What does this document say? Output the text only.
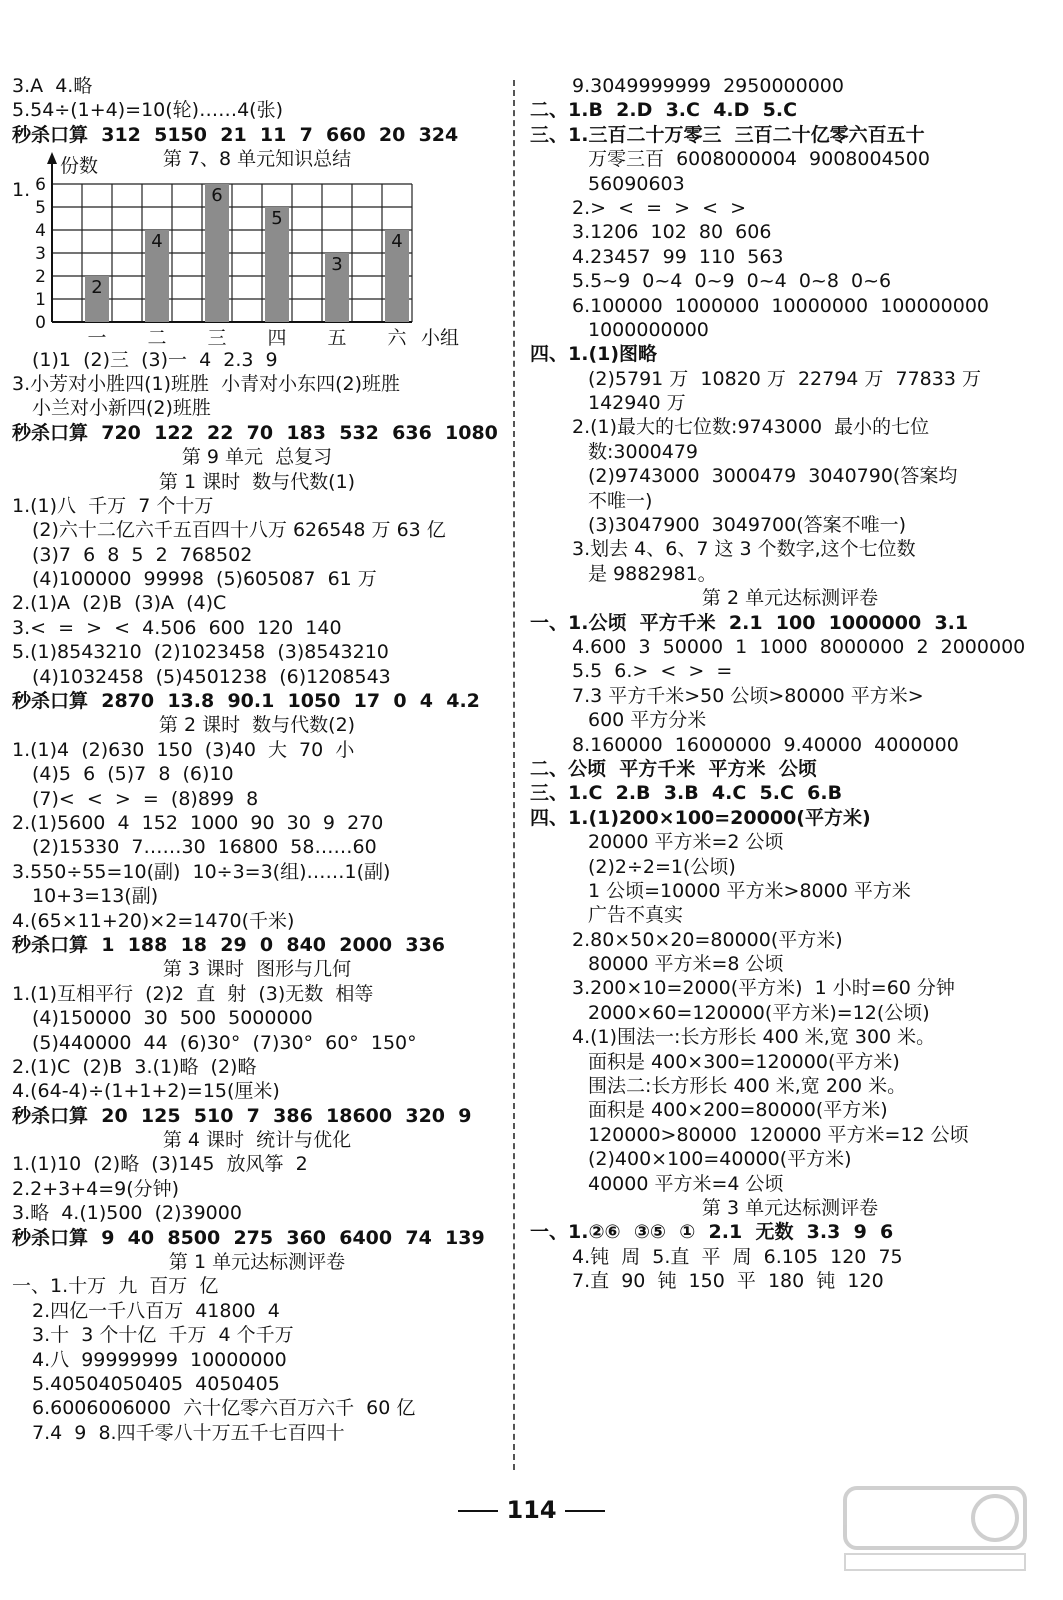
3.A  4.略
5.54÷(1+4)=10(轮)……4(张)
秒杀口算  312  5150  21  11  7  660  20  324
第 7、8 单元知识总结
1.
份数
0
1
2
3
4
5
6
2
一
4
二
6
三
5
四
3
五
4
六 小组
(1)1  (2)三  (3)一  4  2.3  9
3.小芳对小胜四(1)班胜  小青对小东四(2)班胜
小兰对小新四(2)班胜
秒杀口算  720  122  22  70  183  532  636  1080
第 9 单元  总复习
第 1 课时  数与代数(1)
1.(1)八  千万  7 个十万
(2)六十二亿六千五百四十八万 626548 万 63 亿
(3)7  6  8  5  2  768502
(4)100000  99998  (5)605087  61 万
2.(1)A  (2)B  (3)A  (4)C
3.<  =  >  <  4.506  600  120  140
5.(1)8543210  (2)1023458  (3)8543210
(4)1032458  (5)4501238  (6)1208543
秒杀口算  2870  13.8  90.1  1050  17  0  4  4.2
第 2 课时  数与代数(2)
1.(1)4  (2)630  150  (3)40  大  70  小
(4)5  6  (5)7  8  (6)10
(7)<  <  >  =  (8)899  8
2.(1)5600  4  152  1000  90  30  9  270
(2)15330  7……30  16800  58……60
3.550÷55=10(副)  10÷3=3(组)……1(副)
10+3=13(副)
4.(65×11+20)×2=1470(千米)
秒杀口算  1  188  18  29  0  840  2000  336
第 3 课时  图形与几何
1.(1)互相平行  (2)2  直  射  (3)无数  相等
(4)150000  30  500  5000000
(5)440000  44  (6)30°  (7)30°  60°  150°
2.(1)C  (2)B  3.(1)略  (2)略
4.(64-4)÷(1+1+2)=15(厘米)
秒杀口算  20  125  510  7  386  18600  320  9
第 4 课时  统计与优化
1.(1)10  (2)略  (3)145  放风筝  2
2.2+3+4=9(分钟)
3.略  4.(1)500  (2)39000
秒杀口算  9  40  8500  275  360  6400  74  139
第 1 单元达标测评卷
一、1.十万  九  百万  亿
2.四亿一千八百万  41800  4
3.十  3 个十亿  千万  4 个千万
4.八  99999999  10000000
5.40504050405  4050405
6.6006006000  六十亿零六百万六千  60 亿
7.4  9  8.四千零八十万五千七百四十
9.3049999999  2950000000
二、1.B  2.D  3.C  4.D  5.C
三、1.三百二十万零三  三百二十亿零六百五十
万零三百  6008000004  9008004500
56090603
2.>  <  =  >  <  >
3.1206  102  80  606
4.23457  99  110  563
5.5~9  0~4  0~9  0~4  0~8  0~6
6.100000  1000000  10000000  100000000
1000000000
四、1.(1)图略
(2)5791 万  10820 万  22794 万  77833 万
142940 万
2.(1)最大的七位数:9743000  最小的七位
数:3000479
(2)9743000  3000479  3040790(答案均
不唯一)
(3)3047900  3049700(答案不唯一)
3.划去 4、6、7 这 3 个数字,这个七位数
是 9882981。
第 2 单元达标测评卷
一、1.公顷  平方千米  2.1  100  1000000  3.1
4.600  3  50000  1  1000  8000000  2  2000000
5.5  6.>  <  >  =
7.3 平方千米>50 公顷>80000 平方米>
600 平方分米
8.160000  16000000  9.40000  4000000
二、公顷  平方千米  平方米  公顷
三、1.C  2.B  3.B  4.C  5.C  6.B
四、1.(1)200×100=20000(平方米)
20000 平方米=2 公顷
(2)2÷2=1(公顷)
1 公顷=10000 平方米>8000 平方米
广告不真实
2.80×50×20=80000(平方米)
80000 平方米=8 公顷
3.200×10=2000(平方米)  1 小时=60 分钟
2000×60=120000(平方米)=12(公顷)
4.(1)围法一:长方形长 400 米,宽 300 米。
面积是 400×300=120000(平方米)
围法二:长方形长 400 米,宽 200 米。
面积是 400×200=80000(平方米)
120000>80000  120000 平方米=12 公顷
(2)400×100=40000(平方米)
40000 平方米=4 公顷
第 3 单元达标测评卷
一、1.②⑥  ③⑤  ①  2.1  无数  3.3  9  6
4.钝  周  5.直  平  周  6.105  120  75
7.直  90  钝  150  平  180  钝  120
114
